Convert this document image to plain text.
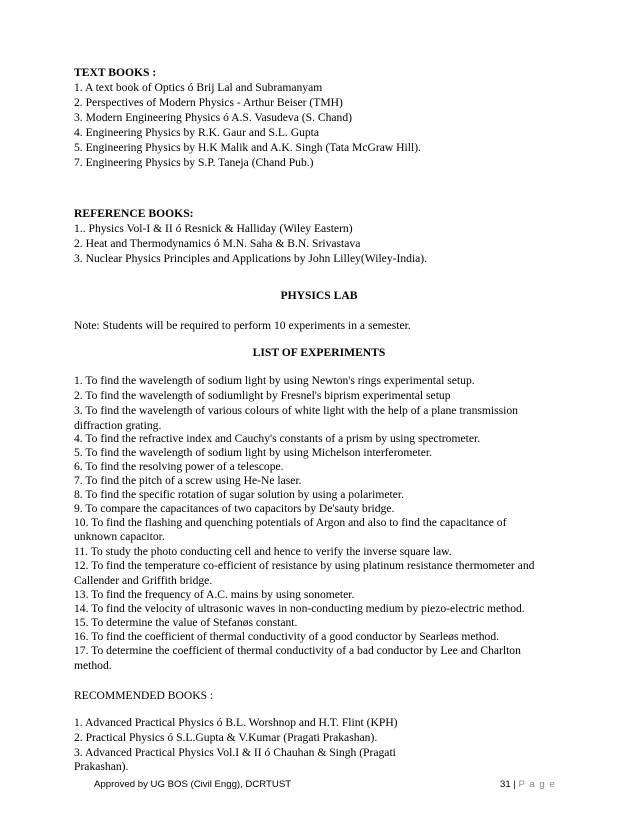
TEXT BOOKS :
1. A text book of Optics ó Brij Lal and Subramanyam
2. Perspectives of Modern Physics - Arthur Beiser (TMH)
3. Modern Engineering Physics ó A.S. Vasudeva (S. Chand)
4. Engineering Physics by R.K. Gaur and S.L. Gupta
5. Engineering Physics by H.K Malik and A.K. Singh (Tata McGraw Hill).
7. Engineering Physics by S.P. Taneja (Chand Pub.)
REFERENCE BOOKS:
1.. Physics Vol-I & II ó Resnick & Halliday (Wiley Eastern)
2. Heat and Thermodynamics ó M.N. Saha & B.N. Srivastava
3. Nuclear Physics Principles and Applications by John Lilley(Wiley-India).
PHYSICS LAB
Note: Students will be required to perform 10 experiments in a semester.
LIST OF EXPERIMENTS
1. To find the wavelength of sodium light by using Newton's rings experimental setup.
2. To find the wavelength of sodiumlight by Fresnel's biprism experimental setup
3. To find the wavelength of various colours of white light with the help of a plane transmission
diffraction grating.
4. To find the refractive index and Cauchy's constants of a prism by using spectrometer.
5. To find the wavelength of sodium light by using Michelson interferometer.
6. To find the resolving power of a telescope.
7. To find the pitch of a screw using He-Ne laser.
8. To find the specific rotation of sugar solution by using a polarimeter.
9. To compare the capacitances of two capacitors by De'sauty bridge.
10. To find the flashing and quenching potentials of Argon and also to find the capacitance of
unknown capacitor.
11. To study the photo conducting cell and hence to verify the inverse square law.
12. To find the temperature co-efficient of resistance by using platinum resistance thermometer and
Callender and Griffith bridge.
13. To find the frequency of A.C. mains by using sonometer.
14. To find the velocity of ultrasonic waves in non-conducting medium by piezo-electric method.
15. To determine the value of Stefanøs constant.
16. To find the coefficient of thermal conductivity of a good conductor by Searleøs method.
17. To determine the coefficient of thermal conductivity of a bad conductor by Lee and Charlton
method.
RECOMMENDED BOOKS :
1. Advanced Practical Physics ó B.L. Worshnop and H.T. Flint (KPH)
2. Practical Physics ó S.L.Gupta & V.Kumar (Pragati Prakashan).
3. Advanced Practical Physics Vol.I & II ó Chauhan & Singh (Pragati
Prakashan).
Approved by UG BOS (Civil Engg), DCRTUST	31 | P a g e
